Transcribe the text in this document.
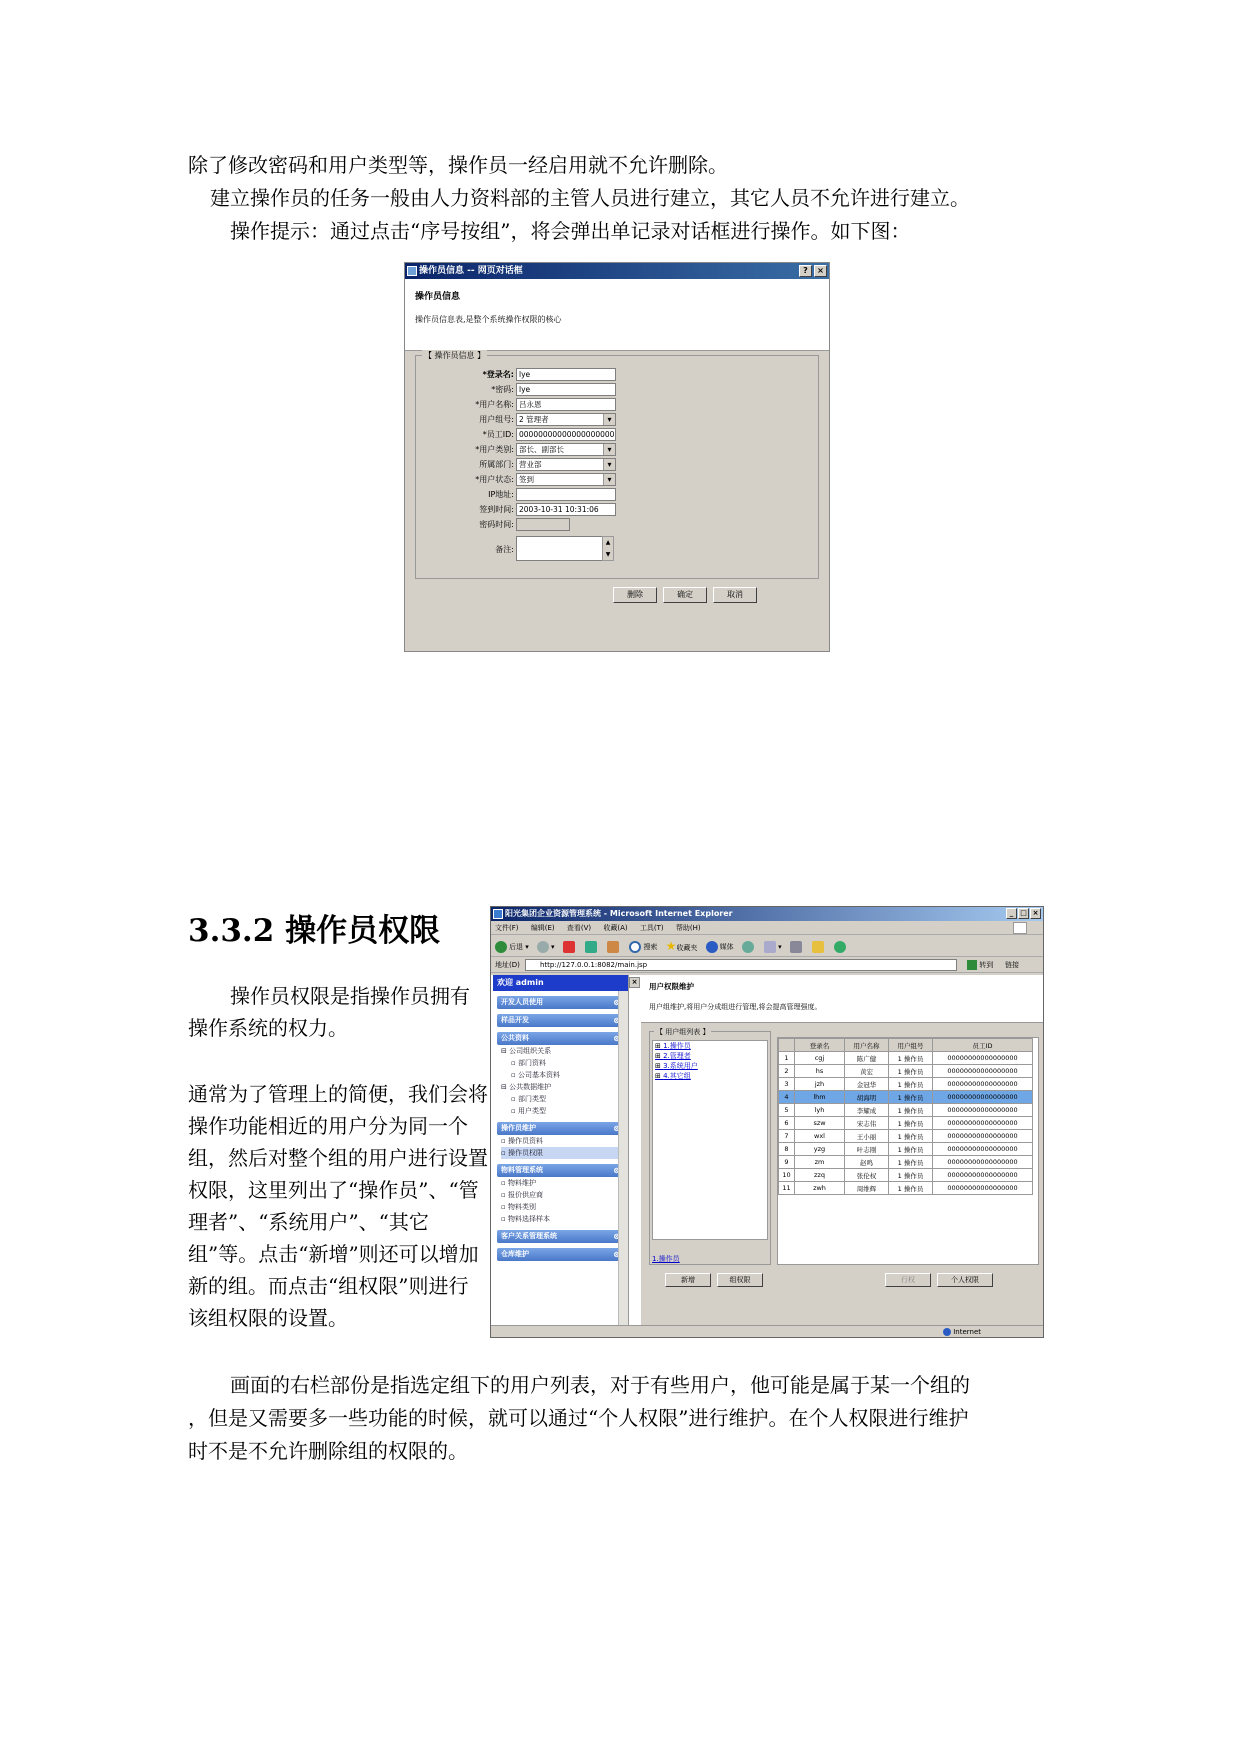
除了修改密码和用户类型等，操作员一经启用就不允许删除。
建立操作员的任务一般由人力资料部的主管人员进行建立，其它人员不允许进行建立。
操作提示：通过点击“序号按组”，将会弹出单记录对话框进行操作。如下图：
操作员信息 -- 网页对话框	?	×
操作员信息
操作员信息表,是整个系统操作权限的核心
【 操作员信息 】
*登录名: lye
*密码: lye
*用户名称: 吕永恩
用户组号: 2 管理者 ▾
*员工ID: 00000000000000000000
*用户类别: 部长、副部长 ▾
所属部门: 营业部 ▾
*用户状态: 签到 ▾
IP地址:
签到时间: 2003-10-31 10:31:06
密码时间:
备注:
▲
▼
删除	确定	取消
3.3.2 操作员权限
操作员权限是指操作员拥有操作系统的权力。
通常为了管理上的简便，我们会将操作功能相近的用户分为同一个组，然后对整个组的用户进行设置权限，这里列出了“操作员”、“管理者”、“系统用户”、“其它组”等。点击“新增”则还可以增加新的组。而点击“组权限”则进行该组权限的设置。
阳光集团企业资源管理系统 - Microsoft Internet Explorer	_ □ ×
文件(F) 编辑(E) 查看(V) 收藏(A) 工具(T) 帮助(H)
后退 ▾	▾	搜索 ★收藏夹	媒体	▾
地址(D)	http://127.0.0.1:8082/main.jsp	转到 链接
欢迎 admin	×
开发人员使用 ⊗
样品开发 ⊗
公共资料 ⊗
⊟ 公司组织关系
▫ 部门资料
▫ 公司基本资料
⊟ 公共数据维护
▫ 部门类型
▫ 用户类型
操作员维护 ⊗
▫ 操作员资料
▫ 操作员权限
物料管理系统 ⊗
▫ 物料维护
▫ 报价供应商
▫ 物料类别
▫ 物料选择样本
客户关系管理系统 ⊗
仓库维护 ⊗
用户权限维护
用户组维护,将用户分成组进行管理,将会提高管理强度。
【 用户组列表 】
⊞ 1.操作员
⊞ 2.管理者
⊞ 3.系统用户
⊞ 4.其它组
1.操作员
	登录名	用户名称	用户组号	员工ID
1	cgj	陈广健	1 操作员	00000000000000000
2	hs	黄宏	1 操作员	00000000000000000
3	jzh	金冠华	1 操作员	00000000000000000
4	lhm	胡海明	1 操作员	00000000000000000
5	lyh	李耀成	1 操作员	00000000000000000
6	szw	宋志伟	1 操作员	00000000000000000
7	wxl	王小丽	1 操作员	00000000000000000
8	yzg	叶志刚	1 操作员	00000000000000000
9	zm	赵鸣	1 操作员	00000000000000000
10	zzq	张伦权	1 操作员	00000000000000000
11	zwh	周维辉	1 操作员	00000000000000000
新增	组权限	行权	个人权限
Internet
画面的右栏部份是指选定组下的用户列表，对于有些用户，他可能是属于某一个组的
，但是又需要多一些功能的时候，就可以通过“个人权限”进行维护。在个人权限进行维护
时不是不允许删除组的权限的。
